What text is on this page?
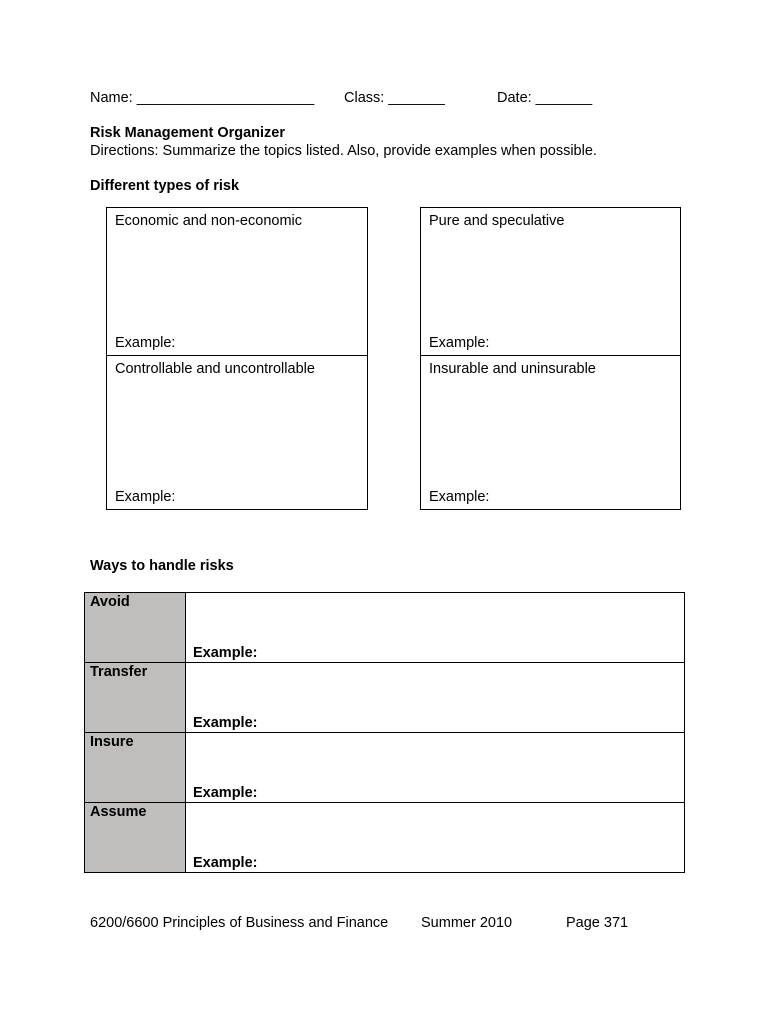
Name: ______________________ Class: _______	Date: _______
Risk Management Organizer
Directions: Summarize the topics listed. Also, provide examples when possible.
Different types of risk
Economic and non-economic
Example:
Controllable and uncontrollable
Example:
Pure and speculative
Example:
Insurable and uninsurable
Example:
Ways to handle risks
Avoid	Example:

Transfer	Example:

Insure	Example:

Assume	Example:
6200/6600 Principles of Business and Finance Summer 2010	Page 371
